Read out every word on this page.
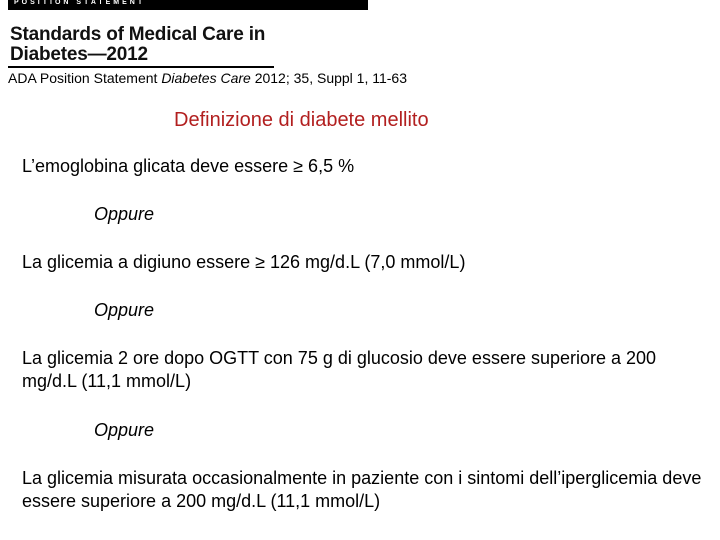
POSITION STATEMENT
Standards of Medical Care in
Diabetes—2012
ADA Position Statement Diabetes Care 2012; 35, Suppl 1, 11-63
Definizione di diabete mellito
L’emoglobina glicata deve essere ≥ 6,5 %
Oppure
La glicemia a digiuno essere ≥ 126 mg/d.L (7,0 mmol/L)
Oppure
La glicemia 2 ore dopo OGTT con 75 g di glucosio deve essere superiore a 200 mg/d.L (11,1 mmol/L)
Oppure
La glicemia misurata occasionalmente in paziente con i sintomi dell’iperglicemia deve essere superiore a 200 mg/d.L (11,1 mmol/L)
